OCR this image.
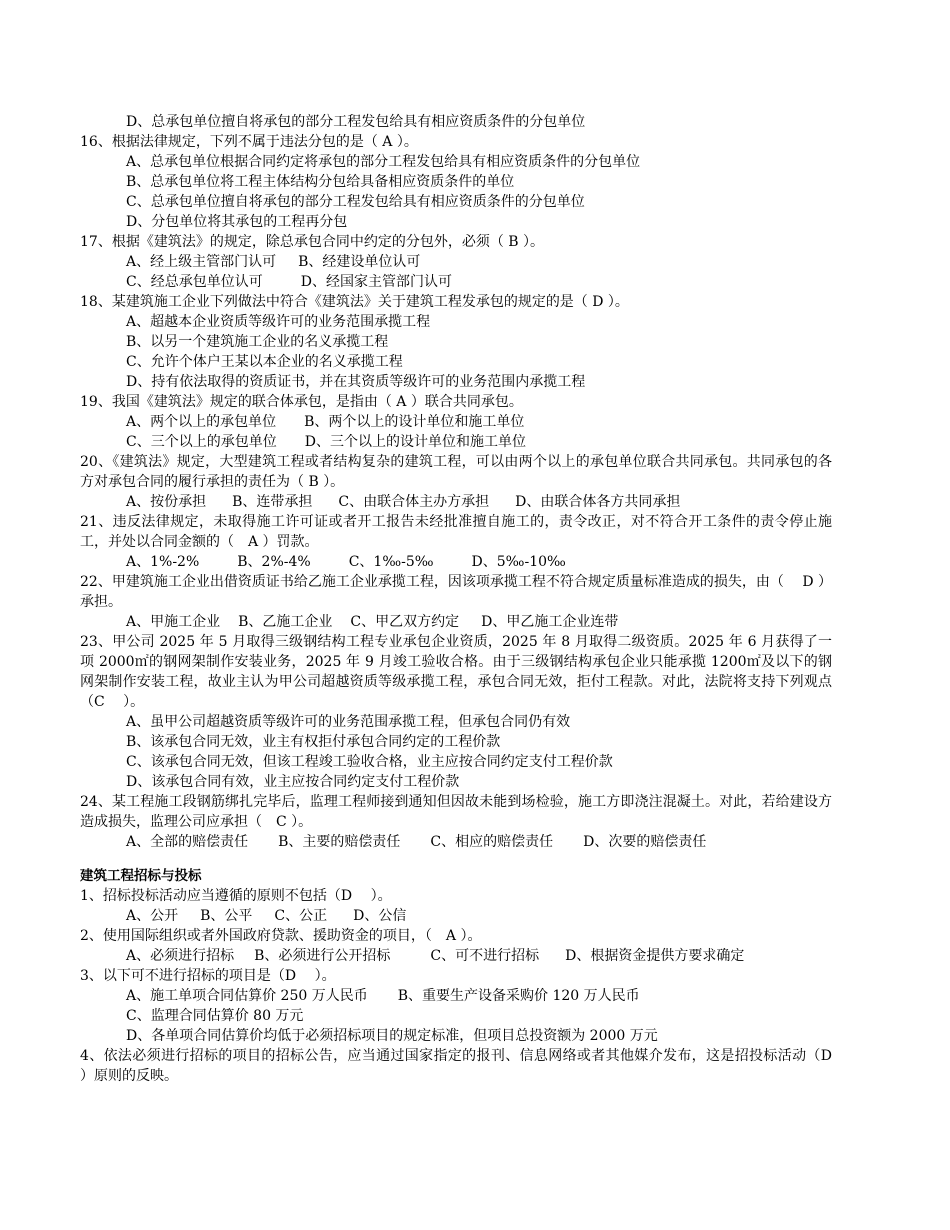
D、总承包单位擅自将承包的部分工程发包给具有相应资质条件的分包单位
16、根据法律规定，下列不属于违法分包的是（ A ）。
A、总承包单位根据合同约定将承包的部分工程发包给具有相应资质条件的分包单位
B、总承包单位将工程主体结构分包给具备相应资质条件的单位
C、总承包单位擅自将承包的部分工程发包给具有相应资质条件的分包单位
D、分包单位将其承包的工程再分包
17、根据《建筑法》的规定，除总承包合同中约定的分包外，必须（ B ）。
A、经上级主管部门认可 B、经建设单位认可
C、经总承包单位认可	D、经国家主管部门认可
18、某建筑施工企业下列做法中符合《建筑法》关于建筑工程发承包的规定的是（ D ）。
A、超越本企业资质等级许可的业务范围承揽工程
B、以另一个建筑施工企业的名义承揽工程
C、允许个体户王某以本企业的名义承揽工程
D、持有依法取得的资质证书，并在其资质等级许可的业务范围内承揽工程
19、我国《建筑法》规定的联合体承包，是指由（ A ）联合共同承包。
A、两个以上的承包单位 B、两个以上的设计单位和施工单位
C、三个以上的承包单位 D、三个以上的设计单位和施工单位
20、《建筑法》规定，大型建筑工程或者结构复杂的建筑工程，可以由两个以上的承包单位联合共同承包。共同承包的各方对承包合同的履行承担的责任为（ B ）。
A、按份承担 B、连带承担 C、由联合体主办方承担 D、由联合体各方共同承担
21、违反法律规定，未取得施工许可证或者开工报告未经批准擅自施工的，责令改正，对不符合开工条件的责令停止施工，并处以合同金额的（　A ）罚款。
A、1%-2%	B、2%-4%	C、1‰-5‰	D、5‰-10‰
22、甲建筑施工企业出借资质证书给乙施工企业承揽工程，因该项承揽工程不符合规定质量标准造成的损失，由（　 D ）承担。
A、甲施工企业 B、乙施工企业 C、甲乙双方约定 D、甲乙施工企业连带
23、甲公司 2025 年 5 月取得三级钢结构工程专业承包企业资质，2025 年 8 月取得二级资质。2025 年 6 月获得了一项 2000㎡的钢网架制作安装业务，2025 年 9 月竣工验收合格。由于三级钢结构承包企业只能承揽 1200㎡及以下的钢网架制作安装工程，故业主认为甲公司超越资质等级承揽工程，承包合同无效，拒付工程款。对此，法院将支持下列观点（C　 ）。
A、虽甲公司超越资质等级许可的业务范围承揽工程，但承包合同仍有效
B、该承包合同无效，业主有权拒付承包合同约定的工程价款
C、该承包合同无效，但该工程竣工验收合格，业主应按合同约定支付工程价款
D、该承包合同有效，业主应按合同约定支付工程价款
24、某工程施工段钢筋绑扎完毕后，监理工程师接到通知但因故未能到场检验，施工方即浇注混凝土。对此，若给建设方造成损失，监理公司应承担（　C ）。
A、全部的赔偿责任 B、主要的赔偿责任 C、相应的赔偿责任 D、次要的赔偿责任
建筑工程招标与投标
1、招标投标活动应当遵循的原则不包括（D　 ）。
A、公开 B、公平 C、公正 D、公信
2、使用国际组织或者外国政府贷款、援助资金的项目，（　A ）。
A、必须进行招标 B、必须进行公开招标	C、可不进行招标 D、根据资金提供方要求确定
3、以下可不进行招标的项目是（D　 ）。
A、施工单项合同估算价 250 万人民币 B、重要生产设备采购价 120 万人民币
C、监理合同估算价 80 万元
D、各单项合同估算价均低于必须招标项目的规定标准，但项目总投资额为 2000 万元
4、依法必须进行招标的项目的招标公告，应当通过国家指定的报刊、信息网络或者其他媒介发布，这是招投标活动（D　 ）原则的反映。
